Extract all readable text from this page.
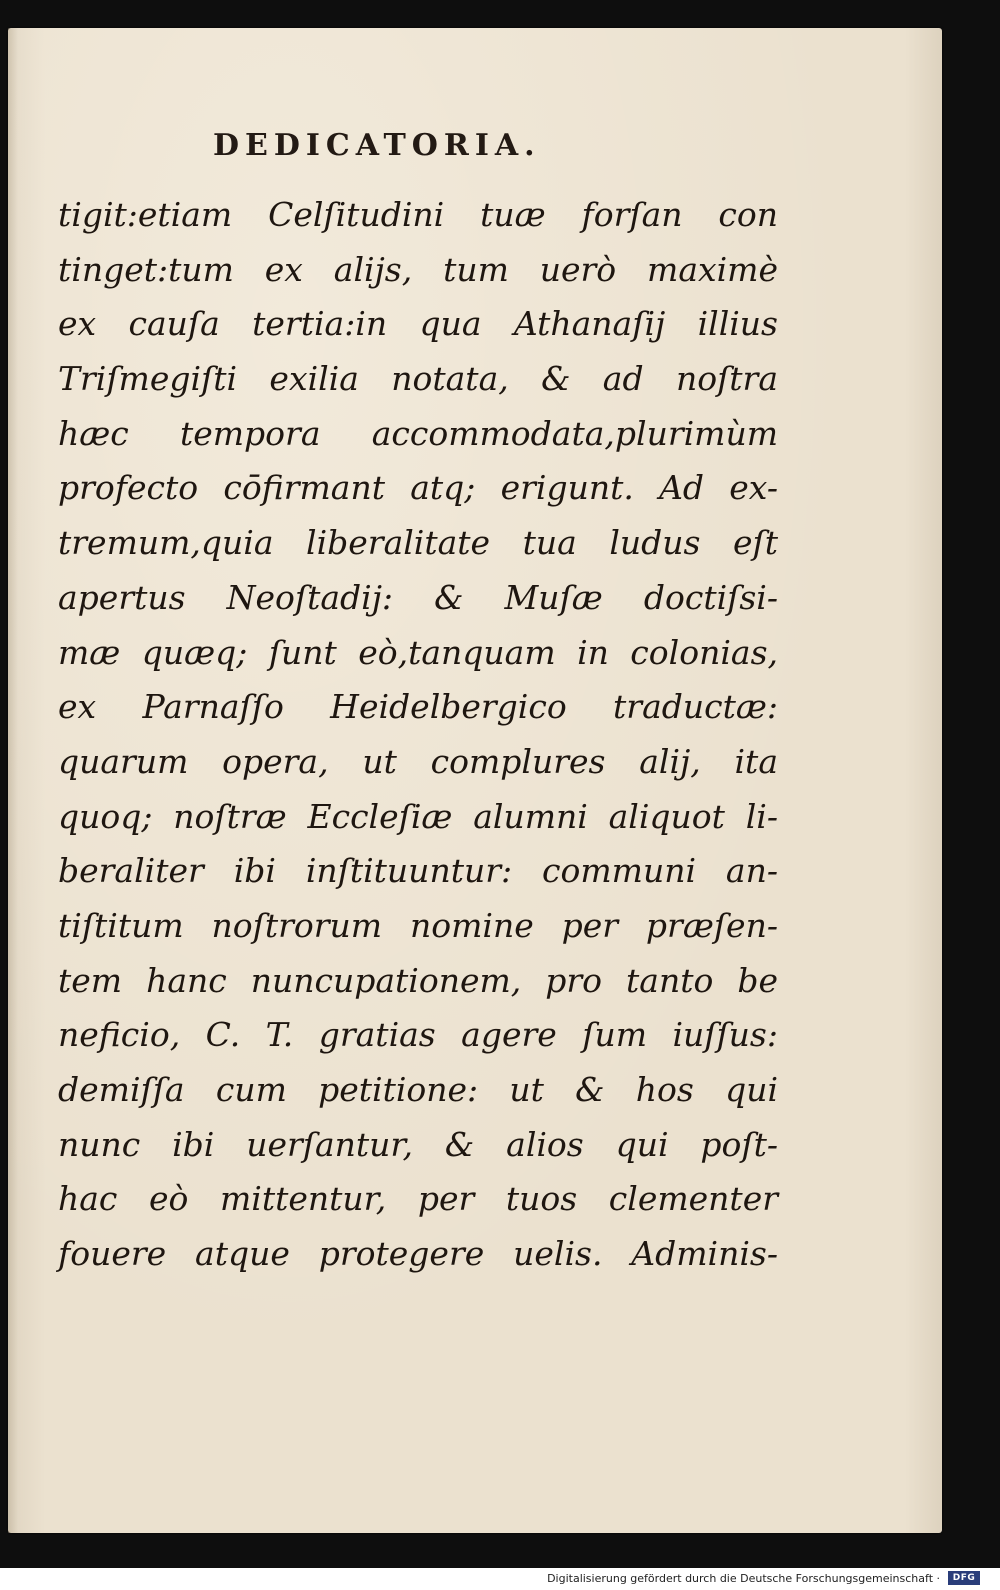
DEDICATORIA.
tigit:etiam Celſitudini tuæ forſan con
tinget:tum ex alijs, tum uerò maximè
ex cauſa tertia:in qua Athanaſij illius
Triſmegiſti exilia notata, & ad noſtra
hæc tempora accommodata,plurimùm
profecto cōfirmant atq; erigunt. Ad ex-
tremum,quia liberalitate tua ludus eſt
apertus Neoſtadij: & Muſæ doctiſsi-
mæ quæq; ſunt eò,tanquam in colonias,
ex Parnaſſo Heidelbergico traductæ:
quarum opera, ut complures alij, ita
quoq; noſtræ Eccleſiæ alumni aliquot li-
beraliter ibi inſtituuntur: communi an-
tiſtitum noſtrorum nomine per præſen-
tem hanc nuncupationem, pro tanto be
neficio, C. T. gratias agere ſum iuſſus:
demiſſa cum petitione: ut & hos qui
nunc ibi uerſantur, & alios qui poſt-
hac eò mittentur, per tuos clementer
fouere atque protegere uelis. Adminis-
Digitalisierung gefördert durch die Deutsche Forschungsgemeinschaft ·	DFG
